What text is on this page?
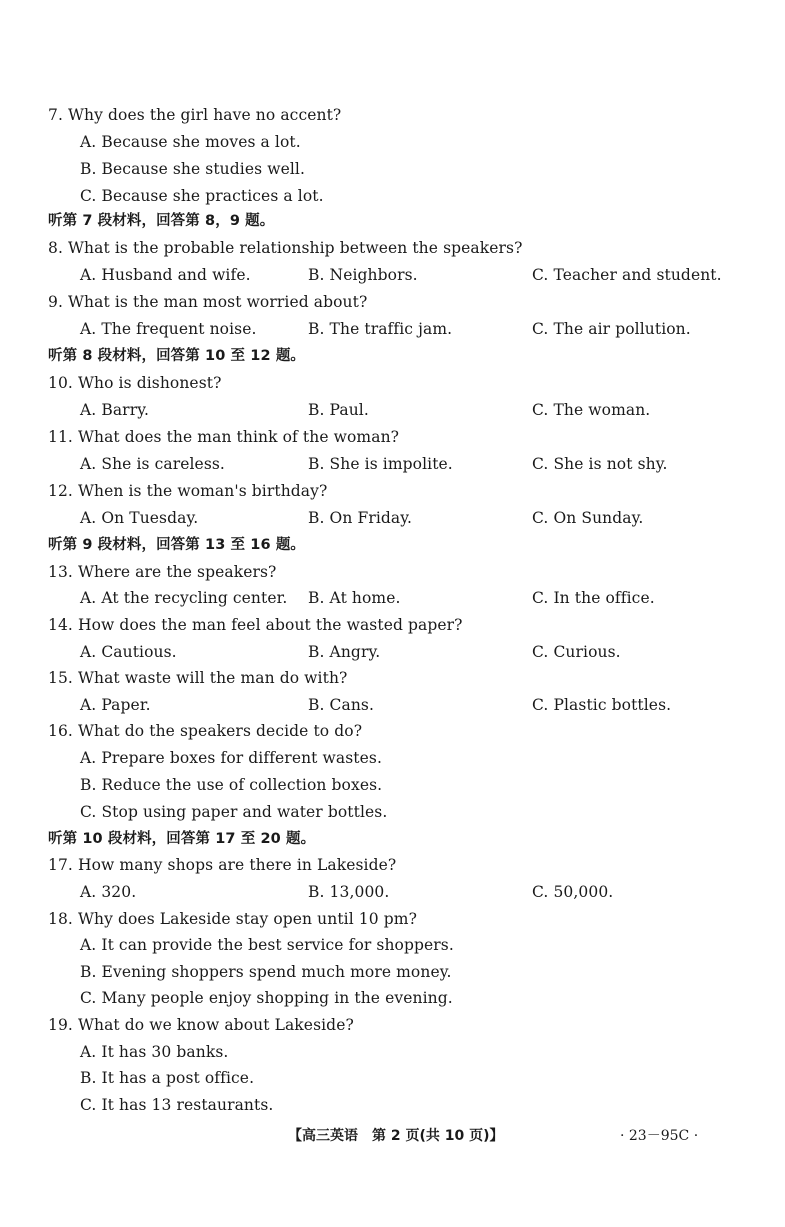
7. Why does the girl have no accent?
A. Because she moves a lot.
B. Because she studies well.
C. Because she practices a lot.
听第 7 段材料，回答第 8，9 题。
8. What is the probable relationship between the speakers?
A. Husband and wife.	B. Neighbors.	C. Teacher and student.
9. What is the man most worried about?
A. The frequent noise.	B. The traffic jam.	C. The air pollution.
听第 8 段材料，回答第 10 至 12 题。
10. Who is dishonest?
A. Barry.	B. Paul.	C. The woman.
11. What does the man think of the woman?
A. She is careless.	B. She is impolite.	C. She is not shy.
12. When is the woman's birthday?
A. On Tuesday.	B. On Friday.	C. On Sunday.
听第 9 段材料，回答第 13 至 16 题。
13. Where are the speakers?
A. At the recycling center. B. At home.	C. In the office.
14. How does the man feel about the wasted paper?
A. Cautious.	B. Angry.	C. Curious.
15. What waste will the man do with?
A. Paper.	B. Cans.	C. Plastic bottles.
16. What do the speakers decide to do?
A. Prepare boxes for different wastes.
B. Reduce the use of collection boxes.
C. Stop using paper and water bottles.
听第 10 段材料，回答第 17 至 20 题。
17. How many shops are there in Lakeside?
A. 320.	B. 13,000.	C. 50,000.
18. Why does Lakeside stay open until 10 pm?
A. It can provide the best service for shoppers.
B. Evening shoppers spend much more money.
C. Many people enjoy shopping in the evening.
19. What do we know about Lakeside?
A. It has 30 banks.
B. It has a post office.
C. It has 13 restaurants.
【高三英语　第 2 页(共 10 页)】	· 23－95C ·
